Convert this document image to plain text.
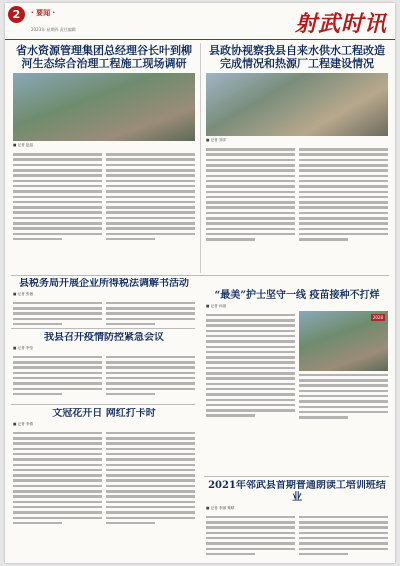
2	· 要闻 ·
2023年 星期四 责任编辑	射武时讯

省水资源管理集团总经理谷长叶到柳河生态综合治理工程施工现场调研

■ 记者 赵晶

县政协视察我县自来水供水工程改造完成情况和热源厂工程建设情况

■ 记者 刘洋

县税务局开展企业所得税法调解书活动

■ 记者 张薇

我县召开疫情防控紧急会议

■ 记者 李莹

文冠花开日 网红打卡时

■ 记者 李倩

“最美”护士坚守一线 疫苗接种不打烊

■ 记者 孙丽
2028

2021年邻武县首期普通朗读工培训班结业

■ 记者 李丽 秦晴
